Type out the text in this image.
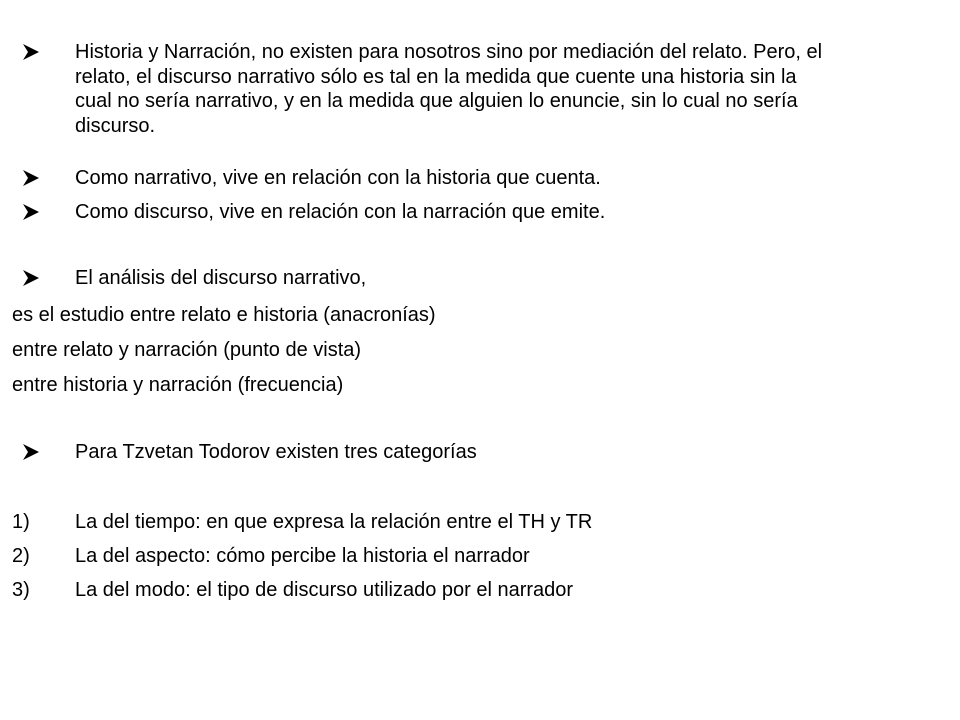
Historia y Narración, no existen para nosotros sino por mediación del relato. Pero, el relato, el discurso narrativo sólo es tal en la medida que cuente una historia sin la cual no sería narrativo, y en la medida que alguien lo enuncie, sin lo cual no sería discurso.
Como narrativo, vive en relación con la historia que cuenta.
Como discurso, vive en relación con la narración que emite.
El análisis del discurso narrativo,
es el estudio entre relato e historia (anacronías)
entre relato y narración (punto de vista)
entre historia y narración (frecuencia)
Para Tzvetan Todorov existen tres categorías
1) La del tiempo: en que expresa la relación entre el TH y TR
2) La del aspecto: cómo percibe la historia el narrador
3) La del modo: el tipo de discurso utilizado por el narrador
